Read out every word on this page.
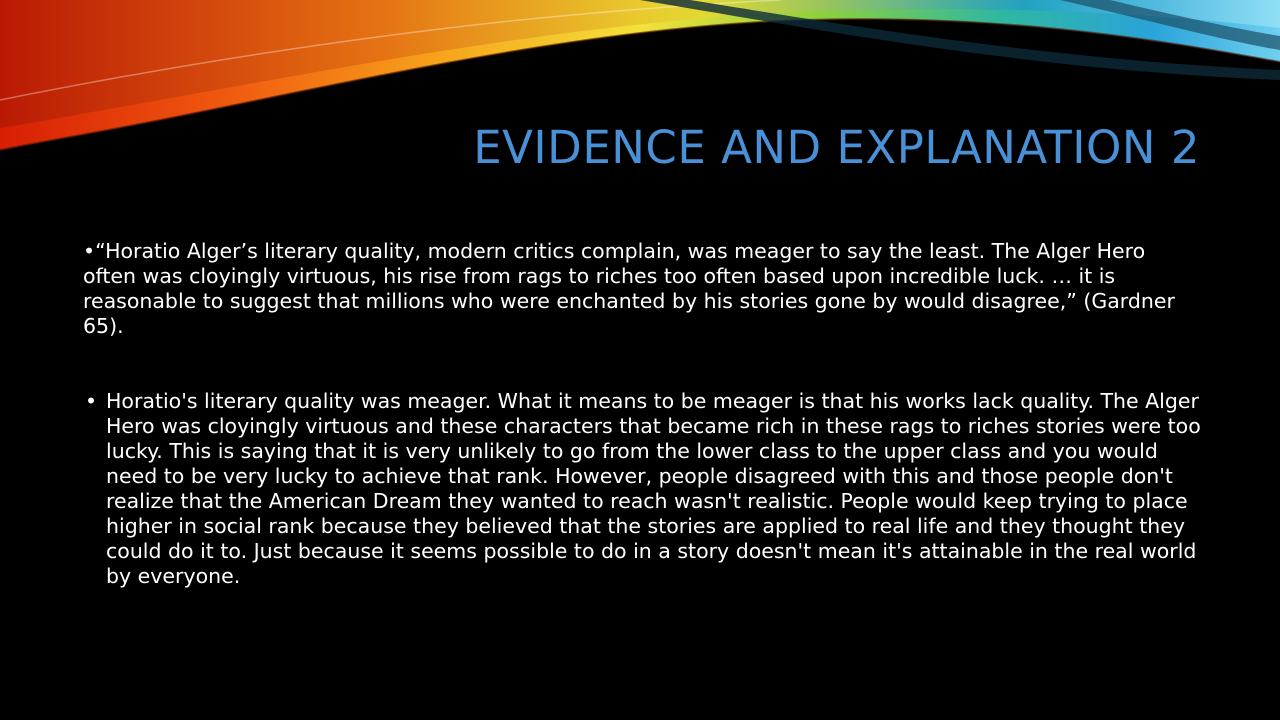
EVIDENCE AND EXPLANATION 2

•“Horatio Alger’s literary quality, modern critics complain, was meager to say the least. The Alger Hero often was cloyingly virtuous, his rise from rags to riches too often based upon incredible luck. … it is reasonable to suggest that millions who were enchanted by his stories gone by would disagree,” (Gardner 65).

• Horatio's literary quality was meager. What it means to be meager is that his works lack quality. The Alger Hero was cloyingly virtuous and these characters that became rich in these rags to riches stories were too lucky. This is saying that it is very unlikely to go from the lower class to the upper class and you would need to be very lucky to achieve that rank. However, people disagreed with this and those people don't realize that the American Dream they wanted to reach wasn't realistic. People would keep trying to place higher in social rank because they believed that the stories are applied to real life and they thought they could do it to. Just because it seems possible to do in a story doesn't mean it's attainable in the real world by everyone.
